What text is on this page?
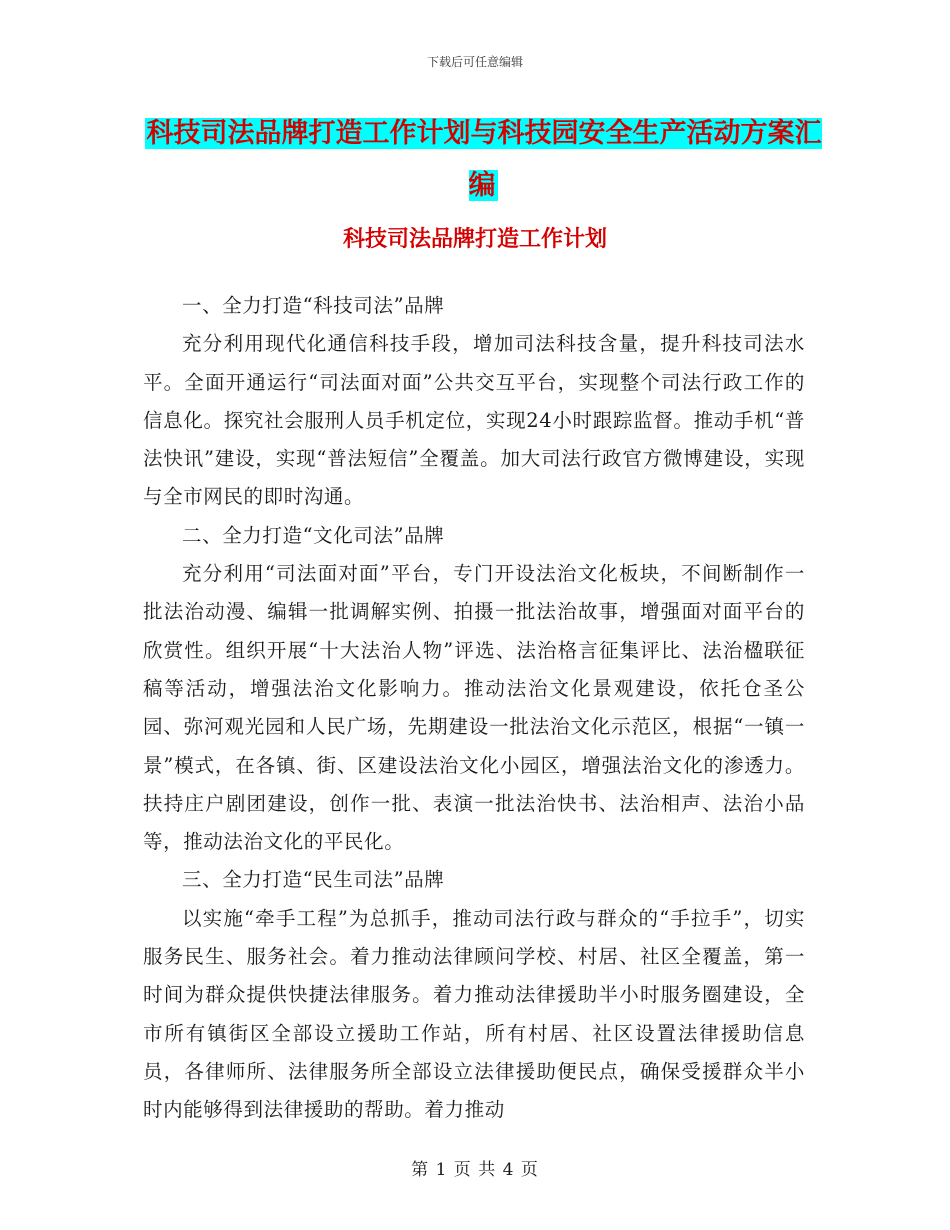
下载后可任意编辑
科技司法品牌打造工作计划与科技园安全生产活动方案汇编
科技司法品牌打造工作计划

一、全力打造“科技司法”品牌

充分利用现代化通信科技手段，增加司法科技含量，提升科技司法水平。全面开通运行“司法面对面”公共交互平台，实现整个司法行政工作的信息化。探究社会服刑人员手机定位，实现24小时跟踪监督。推动手机“普法快讯”建设，实现“普法短信”全覆盖。加大司法行政官方微博建设，实现与全市网民的即时沟通。

二、全力打造“文化司法”品牌

充分利用“司法面对面”平台，专门开设法治文化板块，不间断制作一批法治动漫、编辑一批调解实例、拍摄一批法治故事，增强面对面平台的欣赏性。组织开展“十大法治人物”评选、法治格言征集评比、法治楹联征稿等活动，增强法治文化影响力。推动法治文化景观建设，依托仓圣公园、弥河观光园和人民广场，先期建设一批法治文化示范区，根据“一镇一景”模式，在各镇、街、区建设法治文化小园区，增强法治文化的渗透力。扶持庄户剧团建设，创作一批、表演一批法治快书、法治相声、法治小品等，推动法治文化的平民化。

三、全力打造“民生司法”品牌

以实施“牵手工程”为总抓手，推动司法行政与群众的“手拉手”，切实服务民生、服务社会。着力推动法律顾问学校、村居、社区全覆盖，第一时间为群众提供快捷法律服务。着力推动法律援助半小时服务圈建设，全市所有镇街区全部设立援助工作站，所有村居、社区设置法律援助信息员，各律师所、法律服务所全部设立法律援助便民点，确保受援群众半小时内能够得到法律援助的帮助。着力推动

第 1 页 共 4 页
